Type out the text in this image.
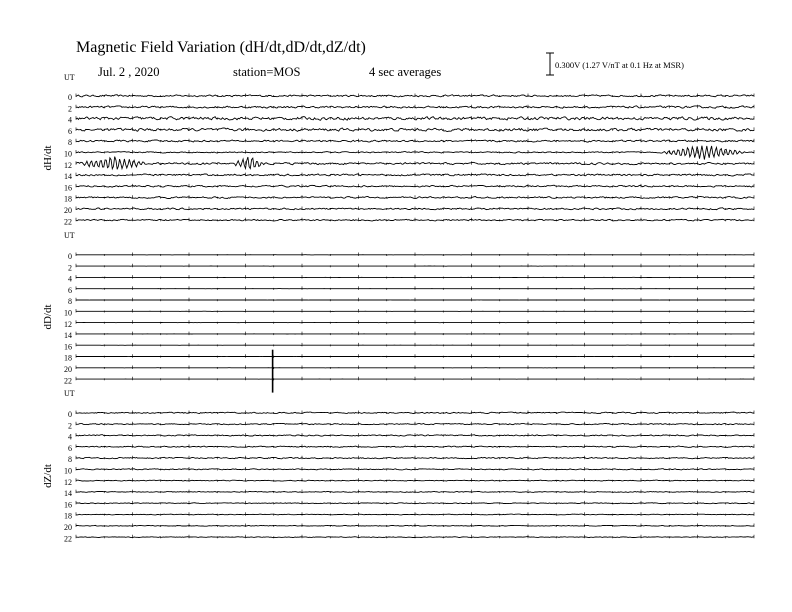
Magnetic Field Variation (dH/dt,dD/dt,dZ/dt)
Jul. 2 , 2020	station=MOS	4 sec averages	0.300V (1.27 V/nT at 0.1 Hz at MSR)
UT
dH/dt
0
2
4
6
8
10
12
14
16
18
20
22
UT
dD/dt
0
2
4
6
8
10
12
14
16
18
20
22
UT
dZ/dt
0
2
4
6
8
10
12
14
16
18
20
22
